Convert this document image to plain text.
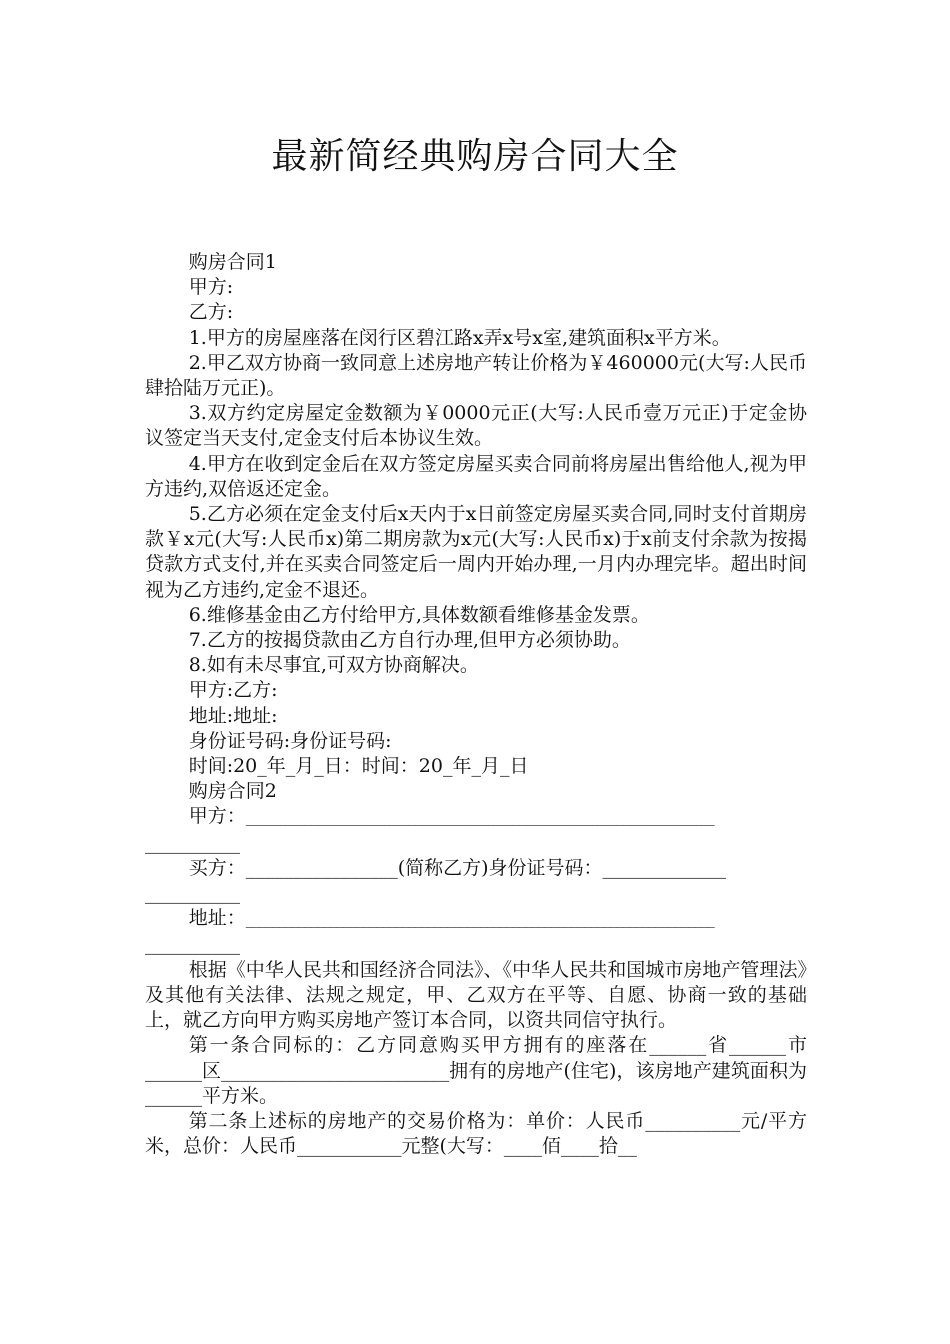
最新简经典购房合同大全

购房合同1

甲方:

乙方:

1.甲方的房屋座落在闵行区碧江路x弄x号x室,建筑面积x平方米。

2.甲乙双方协商一致同意上述房地产转让价格为￥460000元(大写:人民币肆拾陆万元正)。

3.双方约定房屋定金数额为￥0000元正(大写:人民币壹万元正)于定金协议签定当天支付,定金支付后本协议生效。

4.甲方在收到定金后在双方签定房屋买卖合同前将房屋出售给他人,视为甲方违约,双倍返还定金。

5.乙方必须在定金支付后x天内于x日前签定房屋买卖合同,同时支付首期房款￥x元(大写:人民币x)第二期房款为x元(大写:人民币x)于x前支付余款为按揭贷款方式支付,并在买卖合同签定后一周内开始办理,一月内办理完毕。超出时间视为乙方违约,定金不退还。

6.维修基金由乙方付给甲方,具体数额看维修基金发票。

7.乙方的按揭贷款由乙方自行办理,但甲方必须协助。

8.如有未尽事宜,可双方协商解决。

甲方:乙方:

地址:地址:

身份证号码:身份证号码:

时间:20_年_月_日：时间：20_年_月_日

购房合同2

甲方：________________________________________________________________________

__________

买方：________________(简称乙方)身份证号码：_____________

__________

地址：________________________________________________________________________

__________

根据《中华人民共和国经济合同法》、《中华人民共和国城市房地产管理法》及其他有关法律、法规之规定，甲、乙双方在平等、自愿、协商一致的基础上，就乙方向甲方购买房地产签订本合同，以资共同信守执行。

第一条合同标的：乙方同意购买甲方拥有的座落在______省______市______区________________________拥有的房地产(住宅)，该房地产建筑面积为______平方米。

第二条上述标的房地产的交易价格为：单价：人民币__________元/平方米，总价：人民币___________元整(大写：____佰____拾__
